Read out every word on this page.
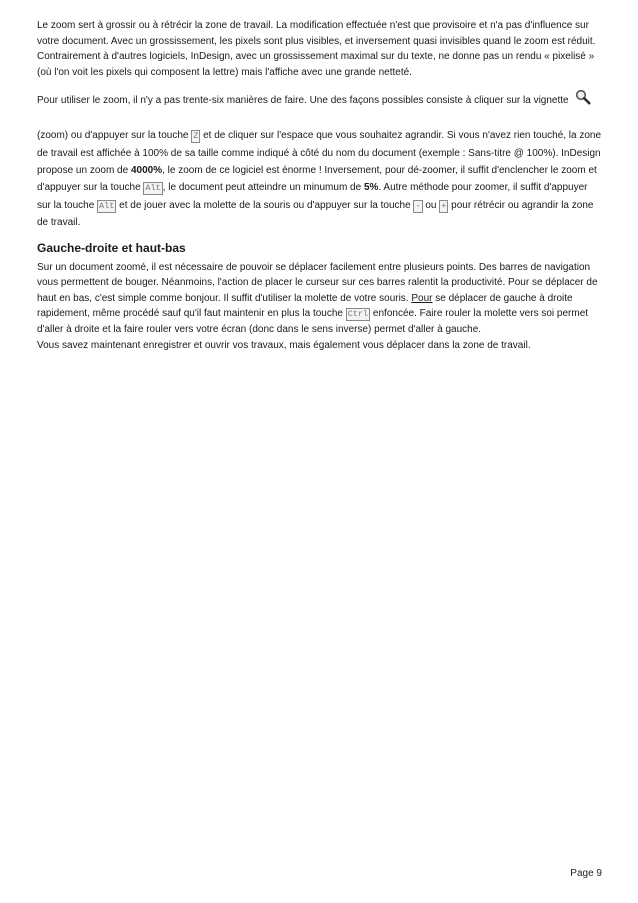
Le zoom sert à grossir ou à rétrécir la zone de travail. La modification effectuée n'est que provisoire et n'a pas d'influence sur votre document. Avec un grossissement, les pixels sont plus visibles, et inversement quasi invisibles quand le zoom est réduit. Contrairement à d'autres logiciels, InDesign, avec un grossissement maximal sur du texte, ne donne pas un rendu « pixelisé » (où l'on voit les pixels qui composent la lettre) mais l'affiche avec une grande netteté.

Pour utiliser le zoom, il n'y a pas trente-six manières de faire. Une des façons possibles consiste à cliquer sur la vignette

(zoom) ou d'appuyer sur la touche Z et de cliquer sur l'espace que vous souhaitez agrandir. Si vous n'avez rien touché, la zone de travail est affichée à 100% de sa taille comme indiqué à côté du nom du document (exemple : Sans-titre @ 100%). InDesign propose un zoom de 4000%, le zoom de ce logiciel est énorme ! Inversement, pour dé-zoomer, il suffit d'enclencher le zoom et d'appuyer sur la touche Alt , le document peut atteindre un minumum de 5%. Autre méthode pour zoomer, il suffit d'appuyer sur la touche Alt et de jouer avec la molette de la souris ou d'appuyer sur la touche - ou + pour rétrécir ou agrandir la zone de travail.

Gauche-droite et haut-bas

Sur un document zoomé, il est nécessaire de pouvoir se déplacer facilement entre plusieurs points. Des barres de navigation vous permettent de bouger. Néanmoins, l'action de placer le curseur sur ces barres ralentit la productivité. Pour se déplacer de haut en bas, c'est simple comme bonjour. Il suffit d'utiliser la molette de votre souris. Pour se déplacer de gauche à droite rapidement, même procédé sauf qu'il faut maintenir en plus la touche Ctrl enfoncée. Faire rouler la molette vers soi permet d'aller à droite et la faire rouler vers votre écran (donc dans le sens inverse) permet d'aller à gauche.

Vous savez maintenant enregistrer et ouvrir vos travaux, mais également vous déplacer dans la zone de travail.

Page 9
